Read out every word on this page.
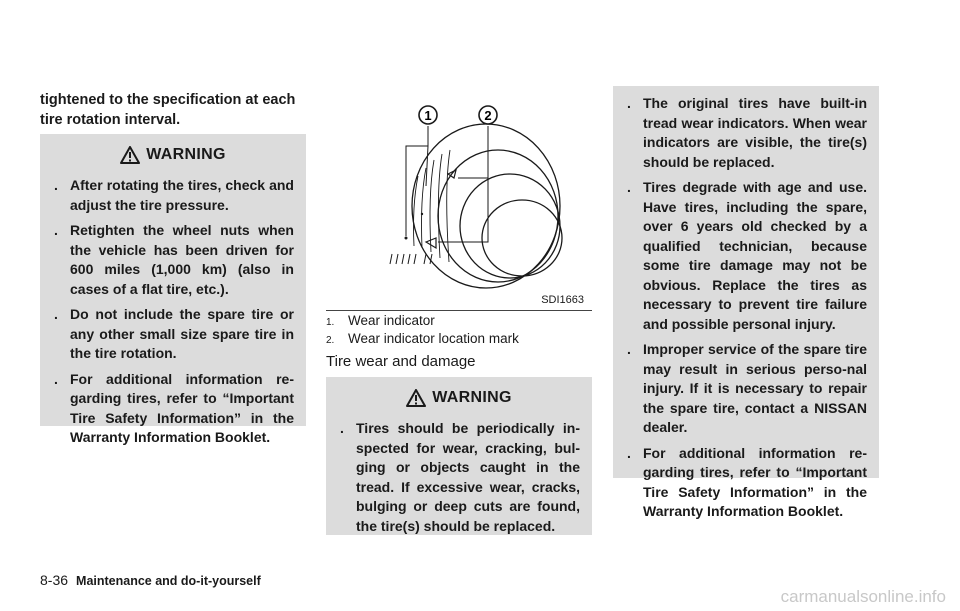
tightened to the specification at each tire rotation interval.
WARNING
. After rotating the tires, check and adjust the tire pressure.
. Retighten the wheel nuts when the vehicle has been driven for 600 miles (1,000 km) (also in cases of a flat tire, etc.).
. Do not include the spare tire or any other small size spare tire in the tire rotation.
. For additional information re-garding tires, refer to “Important Tire Safety Information” in the Warranty Information Booklet.
1	2
SDI1663
1. Wear indicator
2. Wear indicator location mark
Tire wear and damage
WARNING
. Tires should be periodically in-spected for wear, cracking, bul-ging or objects caught in the tread. If excessive wear, cracks, bulging or deep cuts are found, the tire(s) should be replaced.
. The original tires have built-in tread wear indicators. When wear indicators are visible, the tire(s) should be replaced.
. Tires degrade with age and use. Have tires, including the spare, over 6 years old checked by a qualified technician, because some tire damage may not be obvious. Replace the tires as necessary to prevent tire failure and possible personal injury.
. Improper service of the spare tire may result in serious perso-nal injury. If it is necessary to repair the spare tire, contact a NISSAN dealer.
. For additional information re-garding tires, refer to “Important Tire Safety Information” in the Warranty Information Booklet.
8-36 Maintenance and do-it-yourself
carmanualsonline.info
